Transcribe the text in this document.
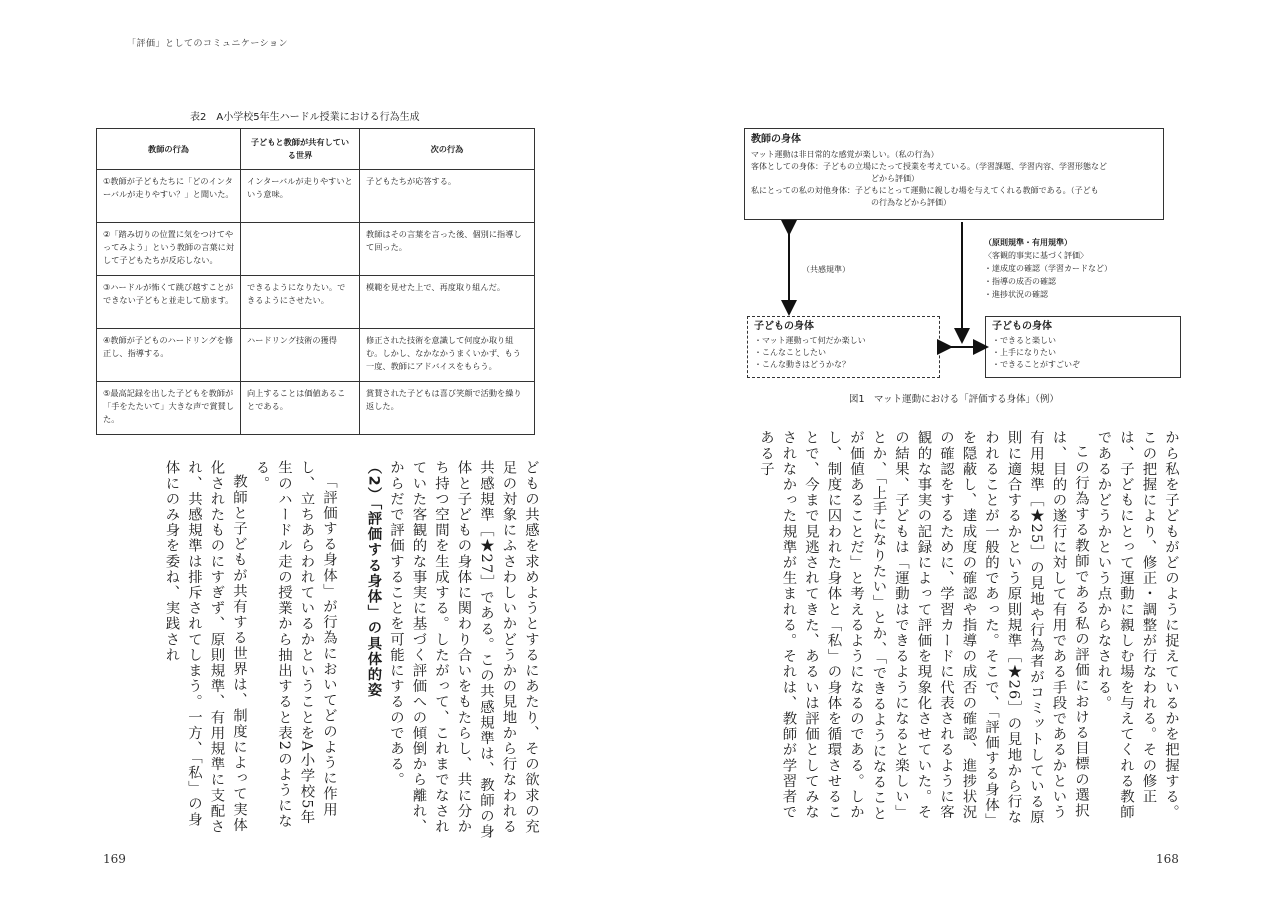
「評価」としてのコミュニケーション
表2　A小学校5年生ハードル授業における行為生成
教師の行為	子どもと教師が共有している世界	次の行為
①教師が子どもたちに「どのインターバルが走りやすい？」と聞いた。	インターバルが走りやすいという意味。	子どもたちが応答する。
②「踏み切りの位置に気をつけてやってみよう」という教師の言葉に対して子どもたちが反応しない。		教師はその言葉を言った後、個別に指導して回った。
③ハードルが怖くて跳び越すことができない子どもと並走して励ます。	できるようになりたい。できるようにさせたい。	模範を見せた上で、再度取り組んだ。
④教師が子どものハードリングを修正し、指導する。	ハードリング技術の獲得	修正された技術を意識して何度か取り組む。しかし、なかなかうまくいかず、もう一度、教師にアドバイスをもらう。
⑤最高記録を出した子どもを教師が「手をたたいて」大きな声で賞賛した。	向上することは価値あることである。	賞賛された子どもは喜び笑顔で活動を繰り返した。

どもの共感を求めようとするにあたり、その欲求の充足の対象にふさわしいかどうかの見地から行なわれる共感規準［★27］である。この共感規準は、教師の身体と子どもの身体に関わり合いをもたらし、共に分かち持つ空間を生成する。したがって、これまでなされていた客観的な事実に基づく評価への傾倒から離れ、からだで評価することを可能にするのである。

（2）「評価する身体」の具体的姿

「評価する身体」が行為においてどのように作用し、立ちあらわれているかということをA小学校5年生のハードル走の授業から抽出すると表2のようになる。

教師と子どもが共有する世界は、制度によって実体化されたものにすぎず、原則規準、有用規準に支配され、共感規準は排斥されてしまう。一方、「私」の身体にのみ身を委ね、実践され

169
教師の身体
マット運動は非日常的な感覚が楽しい。（私の行為）
客体としての身体：子どもの立場にたって授業を考えている。（学習課題、学習内容、学習形態など
どから評価）
私にとっての私の対他身体：子どもにとって運動に親しむ場を与えてくれる教師である。（子ども
の行為などから評価）
（共感規準）
（原則規準・有用規準）
〈客観的事実に基づく評価〉
・達成度の確認（学習カードなど）
・指導の成否の確認
・進捗状況の確認
子どもの身体
・マット運動って何だか楽しい
・こんなことしたい
・こんな動きはどうかな？
子どもの身体
・できると楽しい
・上手になりたい
・できることがすごいぞ
図1　マット運動における「評価する身体」（例）

から私を子どもがどのように捉えているかを把握する。この把握により、修正・調整が行なわれる。その修正は、子どもにとって運動に親しむ場を与えてくれる教師であるかどうかという点からなされる。

この行為する教師である私の評価における目標の選択は、目的の遂行に対して有用である手段であるかという有用規準［★25］の見地や行為者がコミットしている原則に適合するかという原則規準［★26］の見地から行なわれることが一般的であった。そこで、「評価する身体」を隠蔽し、達成度の確認や指導の成否の確認、進捗状況の確認をするために、学習カードに代表されるように客観的な事実の記録によって評価を現象化させていた。その結果、子どもは「運動はできるようになると楽しい」とか、「上手になりたい」とか、「できるようになることが価値あることだ」と考えるようになるのである。しかし、制度に囚われた身体と「私」の身体を循環させることで、今まで見逃されてきた、あるいは評価としてみなされなかった規準が生まれる。それは、教師が学習者である子

168
